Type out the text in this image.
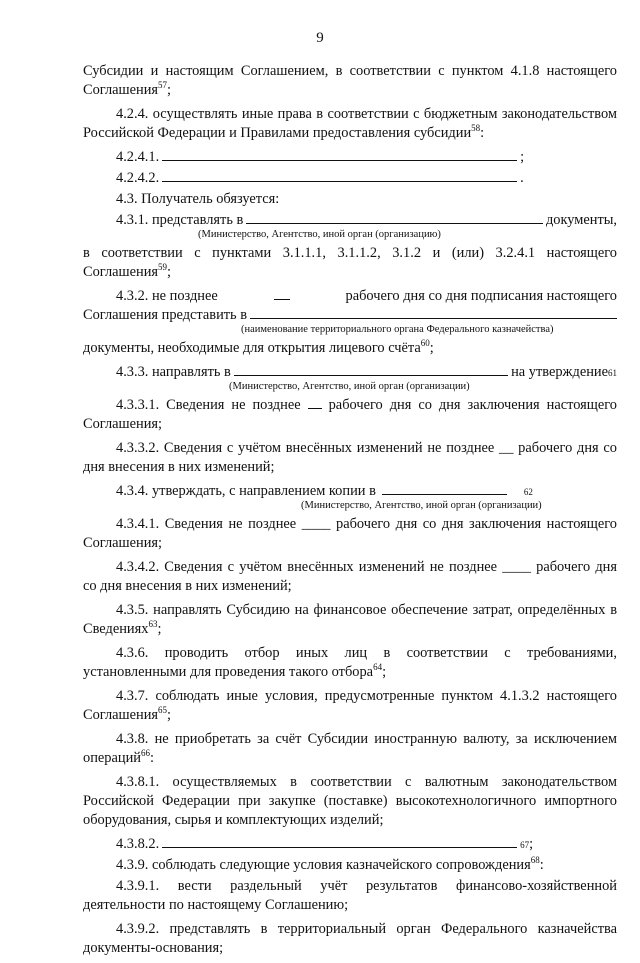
9

Субсидии и настоящим Соглашением, в соответствии с пунктом 4.1.8 настоящего Соглашения$^{57}$;

4.2.4. осуществлять иные права в соответствии с бюджетным законодательством Российской Федерации и Правилами предоставления субсидии$^{58}$:

4.2.4.1.	;
4.2.4.2.	.

4.3. Получатель обязуется:

4.3.1. представлять в	документы,
(Министерство, Агентство, иной орган (организацию)

в соответствии с пунктами 3.1.1.1, 3.1.1.2, 3.1.2 и (или) 3.2.4.1 настоящего Соглашения$^{59}$;

4.3.2. не позднее	рабочего дня со дня подписания настоящего
Соглашения представить в
(наименование территориального органа Федерального казначейства)

документы, необходимые для открытия лицевого счёта$^{60}$;

4.3.3. направлять в	на утверждение 61
(Министерство, Агентство, иной орган (организации)

4.3.3.1. Сведения не позднее рабочего дня со дня заключения настоящего Соглашения;

4.3.3.2. Сведения с учётом внесённых изменений не позднее __ рабочего дня со дня внесения в них изменений;

4.3.4. утверждать, с направлением копии в	62
(Министерство, Агентство, иной орган (организации)

4.3.4.1. Сведения не позднее ____ рабочего дня со дня заключения настоящего Соглашения;

4.3.4.2. Сведения с учётом внесённых изменений не позднее ____ рабочего дня со дня внесения в них изменений;

4.3.5. направлять Субсидию на финансовое обеспечение затрат, определённых в Сведениях$^{63}$;

4.3.6. проводить отбор иных лиц в соответствии с требованиями, установленными для проведения такого отбора$^{64}$;

4.3.7. соблюдать иные условия, предусмотренные пунктом 4.1.3.2 настоящего Соглашения$^{65}$;

4.3.8. не приобретать за счёт Субсидии иностранную валюту, за исключением операций$^{66}$:

4.3.8.1. осуществляемых в соответствии с валютным законодательством Российской Федерации при закупке (поставке) высокотехнологичного импортного оборудования, сырья и комплектующих изделий;

4.3.8.2.	67 ;

4.3.9. соблюдать следующие условия казначейского сопровождения$^{68}$:

4.3.9.1. вести раздельный учёт результатов финансово-хозяйственной деятельности по настоящему Соглашению;

4.3.9.2. представлять в территориальный орган Федерального казначейства документы-основания;
